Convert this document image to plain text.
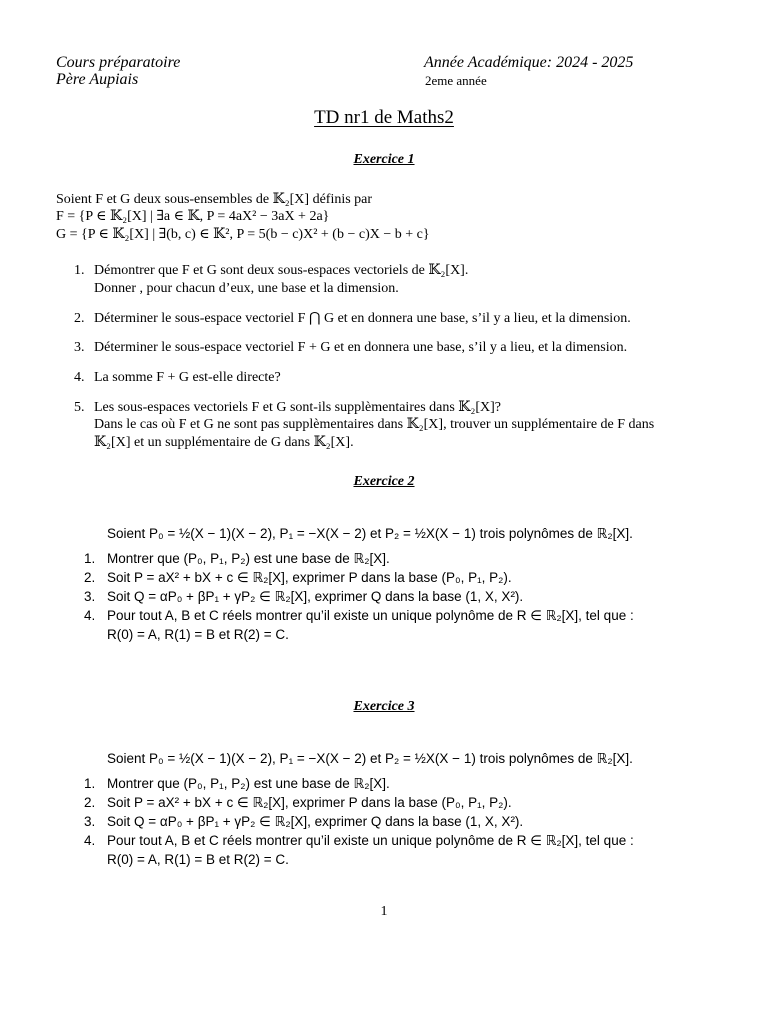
Cours préparatoire
Père Aupiais
Année Académique: 2024 - 2025
2eme année
TD nr1 de Maths2
Exercice 1
Soient F et G deux sous-ensembles de 𝕂₂[X] définis par
F = {P ∈ 𝕂₂[X] | ∃a ∈ 𝕂, P = 4aX² − 3aX + 2a}
G = {P ∈ 𝕂₂[X] | ∃(b, c) ∈ 𝕂², P = 5(b − c)X² + (b − c)X − b + c}
1. Démontrer que F et G sont deux sous-espaces vectoriels de 𝕂₂[X].
Donner , pour chacun d’eux, une base et la dimension.
2. Déterminer le sous-espace vectoriel F ⋂ G et en donnera une base, s’il y a lieu, et la dimension.
3. Déterminer le sous-espace vectoriel F + G et en donnera une base, s’il y a lieu, et la dimension.
4. La somme F + G est-elle directe?
5. Les sous-espaces vectoriels F et G sont-ils supplèmentaires dans 𝕂₂[X]?
Dans le cas où F et G ne sont pas supplèmentaires dans 𝕂₂[X], trouver un supplémentaire de F dans
𝕂₂[X] et un supplémentaire de G dans 𝕂₂[X].
Exercice 2
Soient P₀ = ½(X − 1)(X − 2), P₁ = −X(X − 2) et P₂ = ½X(X − 1) trois polynômes de ℝ₂[X].
1. Montrer que (P₀, P₁, P₂) est une base de ℝ₂[X].
2. Soit P = aX² + bX + c ∈ ℝ₂[X], exprimer P dans la base (P₀, P₁, P₂).
3. Soit Q = αP₀ + βP₁ + γP₂ ∈ ℝ₂[X], exprimer Q dans la base (1, X, X²).
4. Pour tout A, B et C réels montrer qu’il existe un unique polynôme de R ∈ ℝ₂[X], tel que :
R(0) = A, R(1) = B et R(2) = C.
Exercice 3
Soient P₀ = ½(X − 1)(X − 2), P₁ = −X(X − 2) et P₂ = ½X(X − 1) trois polynômes de ℝ₂[X].
1. Montrer que (P₀, P₁, P₂) est une base de ℝ₂[X].
2. Soit P = aX² + bX + c ∈ ℝ₂[X], exprimer P dans la base (P₀, P₁, P₂).
3. Soit Q = αP₀ + βP₁ + γP₂ ∈ ℝ₂[X], exprimer Q dans la base (1, X, X²).
4. Pour tout A, B et C réels montrer qu’il existe un unique polynôme de R ∈ ℝ₂[X], tel que :
R(0) = A, R(1) = B et R(2) = C.
1
